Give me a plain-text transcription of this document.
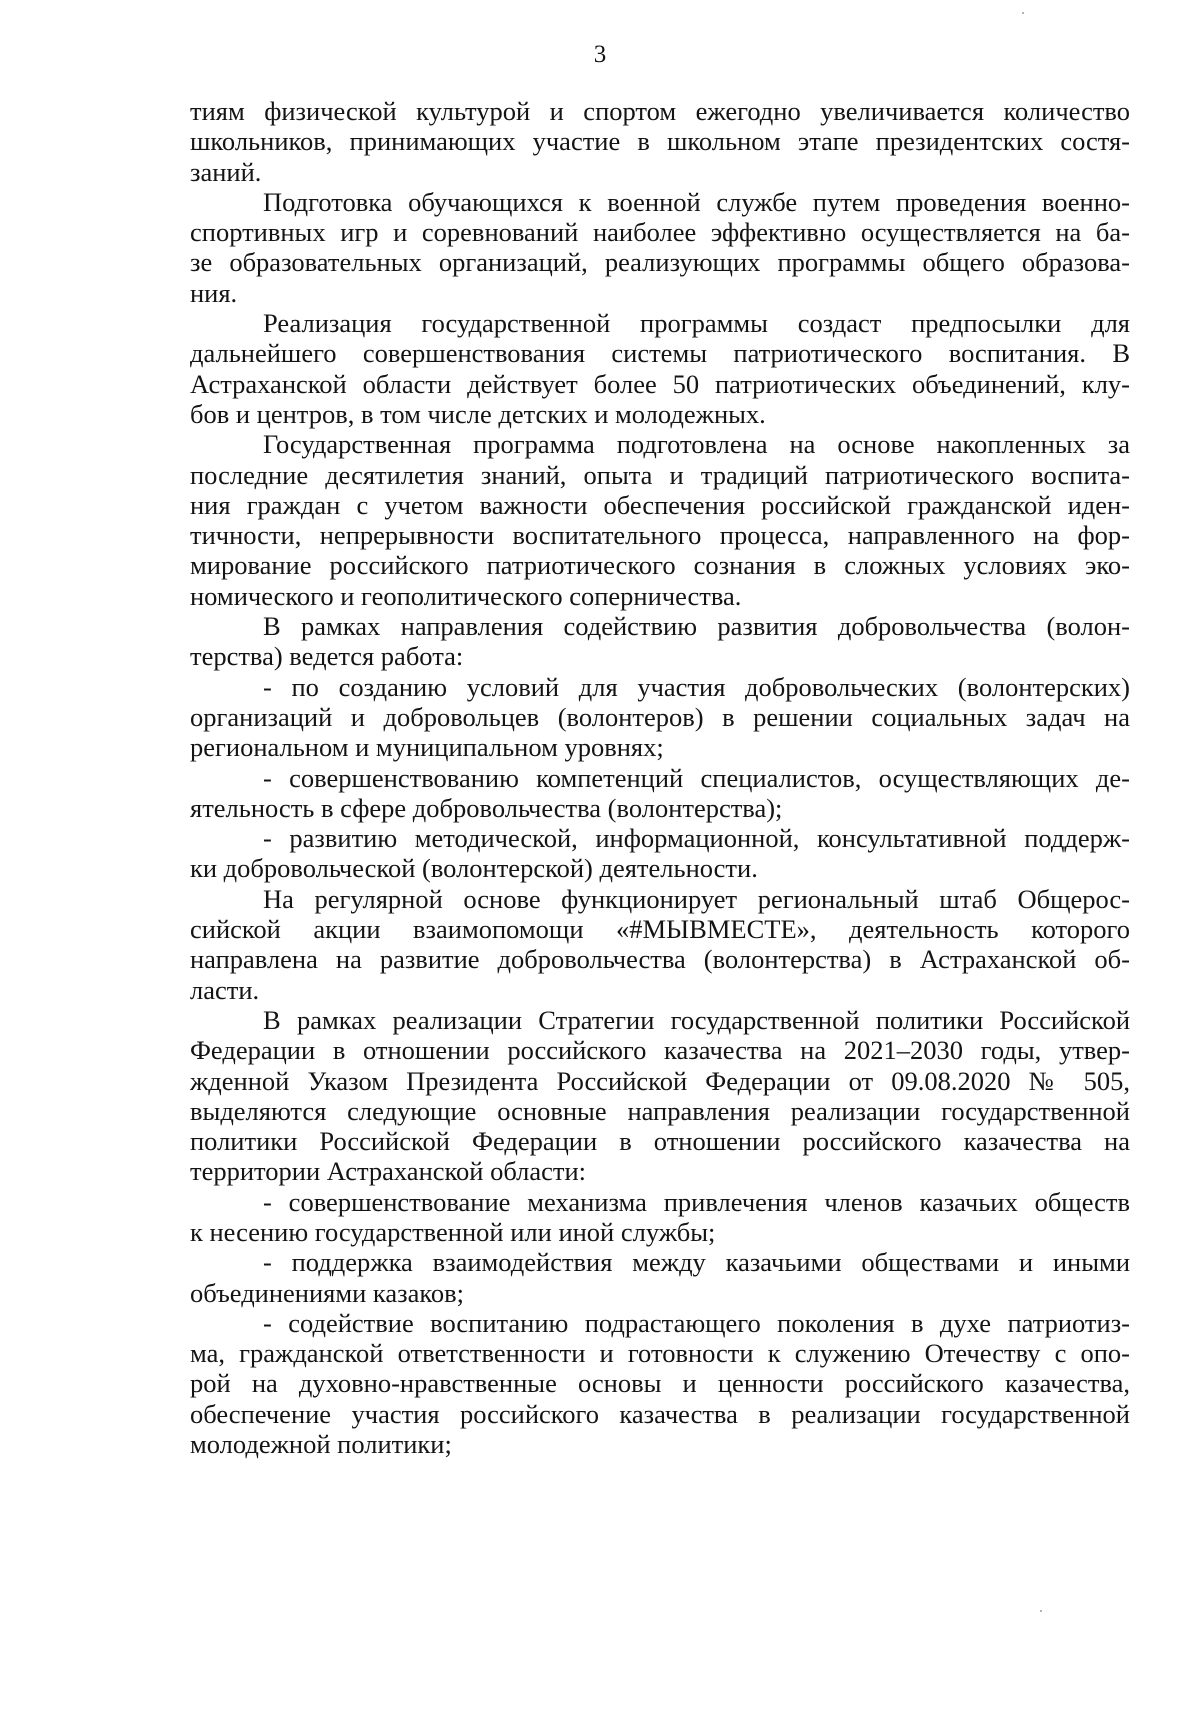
3
тиям физической культурой и спортом ежегодно увеличивается количество
школьников, принимающих участие в школьном этапе президентских состя-
заний.
Подготовка обучающихся к военной службе путем проведения военно-
спортивных игр и соревнований наиболее эффективно осуществляется на ба-
зе образовательных организаций, реализующих программы общего образова-
ния.
Реализация государственной программы создаст предпосылки для
дальнейшего совершенствования системы патриотического воспитания. В
Астраханской области действует более 50 патриотических объединений, клу-
бов и центров, в том числе детских и молодежных.
Государственная программа подготовлена на основе накопленных за
последние десятилетия знаний, опыта и традиций патриотического воспита-
ния граждан с учетом важности обеспечения российской гражданской иден-
тичности, непрерывности воспитательного процесса, направленного на фор-
мирование российского патриотического сознания в сложных условиях эко-
номического и геополитического соперничества.
В рамках направления содействию развития добровольчества (волон-
терства) ведется работа:
- по созданию условий для участия добровольческих (волонтерских)
организаций и добровольцев (волонтеров) в решении социальных задач на
региональном и муниципальном уровнях;
- совершенствованию компетенций специалистов, осуществляющих де-
ятельность в сфере добровольчества (волонтерства);
- развитию методической, информационной, консультативной поддерж-
ки добровольческой (волонтерской) деятельности.
На регулярной основе функционирует региональный штаб Общерос-
сийской акции взаимопомощи «#МЫВМЕСТЕ», деятельность которого
направлена на развитие добровольчества (волонтерства) в Астраханской об-
ласти.
В рамках реализации Стратегии государственной политики Российской
Федерации в отношении российского казачества на 2021–2030 годы, утвер-
жденной Указом Президента Российской Федерации от 09.08.2020 № 505,
выделяются следующие основные направления реализации государственной
политики Российской Федерации в отношении российского казачества на
территории Астраханской области:
- совершенствование механизма привлечения членов казачьих обществ
к несению государственной или иной службы;
- поддержка взаимодействия между казачьими обществами и иными
объединениями казаков;
- содействие воспитанию подрастающего поколения в духе патриотиз-
ма, гражданской ответственности и готовности к служению Отечеству с опо-
рой на духовно-нравственные основы и ценности российского казачества,
обеспечение участия российского казачества в реализации государственной
молодежной политики;
